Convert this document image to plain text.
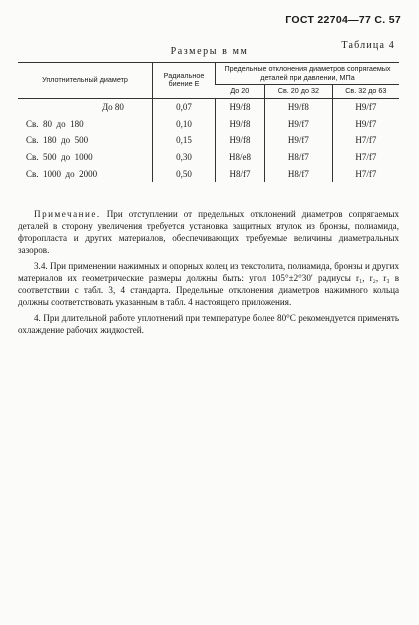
ГОСТ 22704—77 С. 57
Таблица 4
Размеры в мм
Уплотнительный диаметр	Радиальное биение E	Предельные отклонения диаметров сопрягаемых деталей при давлении, МПа		
		До 20	Св. 20 до 32	Св. 32 до 63
До 80	0,07	H9/f8	H9/f8	H9/f7
Св.  80  до  180	0,10	H9/f8	H9/f7	H9/f7
Св.  180  до  500	0,15	H9/f8	H9/f7	H7/f7
Св.  500  до  1000	0,30	H8/e8	H8/f7	H7/f7
Св.  1000  до  2000	0,50	H8/f7	H8/f7	H7/f7

Примечание. При отступлении от предельных отклонений диаметров сопрягаемых деталей в сторону увеличения требуется установка защитных втулок из бронзы, полиамида, фторопласта и других материалов, обеспечивающих требуемые величины диаметральных зазоров.

3.4. При применении нажимных и опорных колец из текстолита, полиамида, бронзы и других материалов их геометрические размеры должны быть: угол 105°±2°30′ радиусы r₁, r₂, r₃ в соответствии с табл. 3, 4 стандарта. Предельные отклонения диаметров нажимного кольца должны соответствовать указанным в табл. 4 настоящего приложения.

4. При длительной работе уплотнений при температуре более 80°С рекомендуется применять охлаждение рабочих жидкостей.
